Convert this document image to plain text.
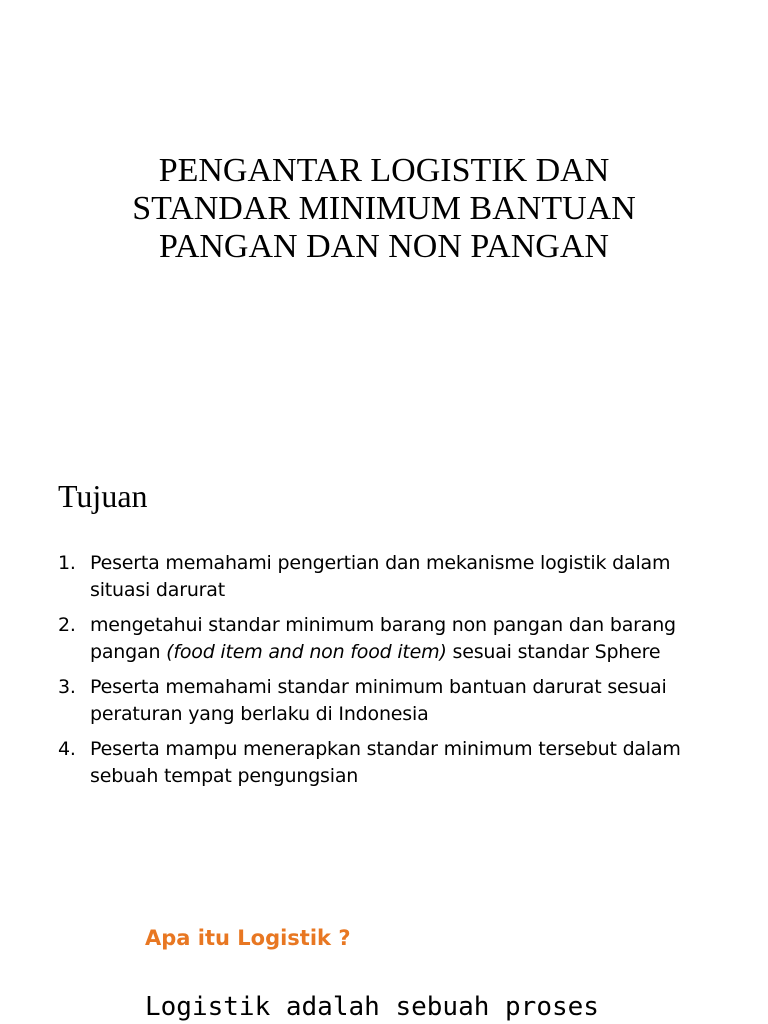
PENGANTAR LOGISTIK DAN
STANDAR MINIMUM BANTUAN
PANGAN DAN NON PANGAN
Tujuan
1. Peserta memahami pengertian dan mekanisme logistik dalam situasi darurat
2. mengetahui standar minimum barang non pangan dan barang pangan (food item and non food item) sesuai standar Sphere
3. Peserta memahami standar minimum bantuan darurat sesuai peraturan yang berlaku di Indonesia
4. Peserta mampu menerapkan standar minimum tersebut dalam sebuah tempat pengungsian
Apa itu Logistik ?

Logistik adalah sebuah proses
